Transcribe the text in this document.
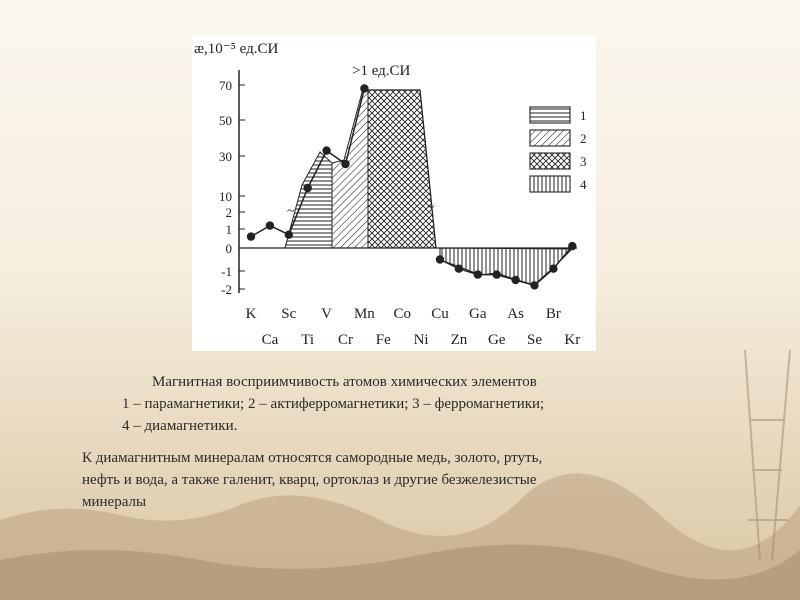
70
50
30
10
2
1
0
-1
-2
æ,10⁻⁵ ед.СИ
>1 ед.СИ
~	~
K Sc V Mn Co Cu Ga As Br
Ca Ti Cr Fe Ni Zn Ge Se Kr
1
2
3
4
Магнитная восприимчивость атомов химических элементов
1 – парамагнетики; 2 – актиферромагнетики; 3 – ферромагнетики;
4 – диамагнетики.
К диамагнитным минералам относятся самородные медь, золото, ртуть,
нефть и вода, а также галенит, кварц, ортоклаз и другие безжелезистые
минералы
